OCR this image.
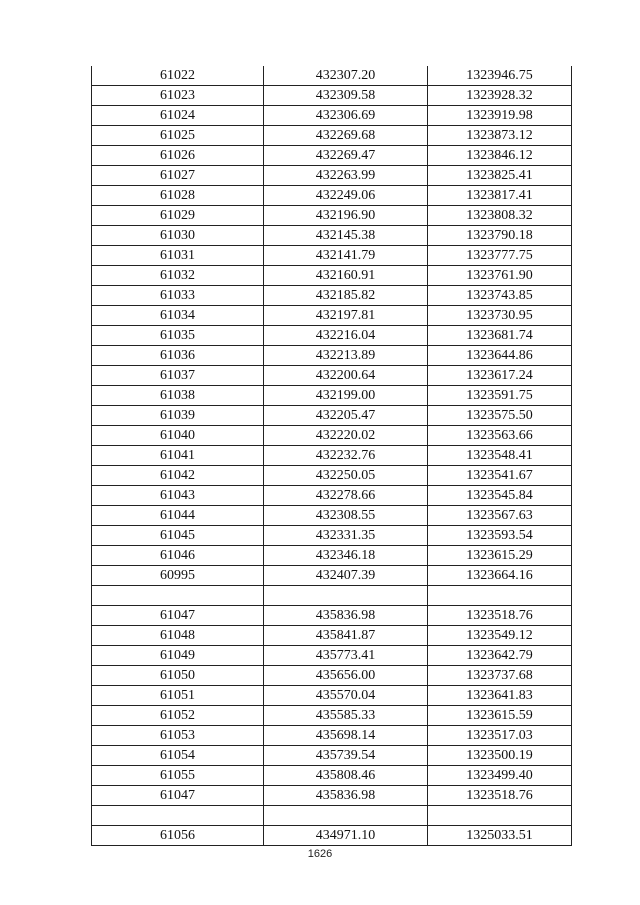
61022	432307.20	1323946.75
61023	432309.58	1323928.32
61024	432306.69	1323919.98
61025	432269.68	1323873.12
61026	432269.47	1323846.12
61027	432263.99	1323825.41
61028	432249.06	1323817.41
61029	432196.90	1323808.32
61030	432145.38	1323790.18
61031	432141.79	1323777.75
61032	432160.91	1323761.90
61033	432185.82	1323743.85
61034	432197.81	1323730.95
61035	432216.04	1323681.74
61036	432213.89	1323644.86
61037	432200.64	1323617.24
61038	432199.00	1323591.75
61039	432205.47	1323575.50
61040	432220.02	1323563.66
61041	432232.76	1323548.41
61042	432250.05	1323541.67
61043	432278.66	1323545.84
61044	432308.55	1323567.63
61045	432331.35	1323593.54
61046	432346.18	1323615.29
60995	432407.39	1323664.16

61047	435836.98	1323518.76
61048	435841.87	1323549.12
61049	435773.41	1323642.79
61050	435656.00	1323737.68
61051	435570.04	1323641.83
61052	435585.33	1323615.59
61053	435698.14	1323517.03
61054	435739.54	1323500.19
61055	435808.46	1323499.40
61047	435836.98	1323518.76

61056	434971.10	1325033.51
1626
